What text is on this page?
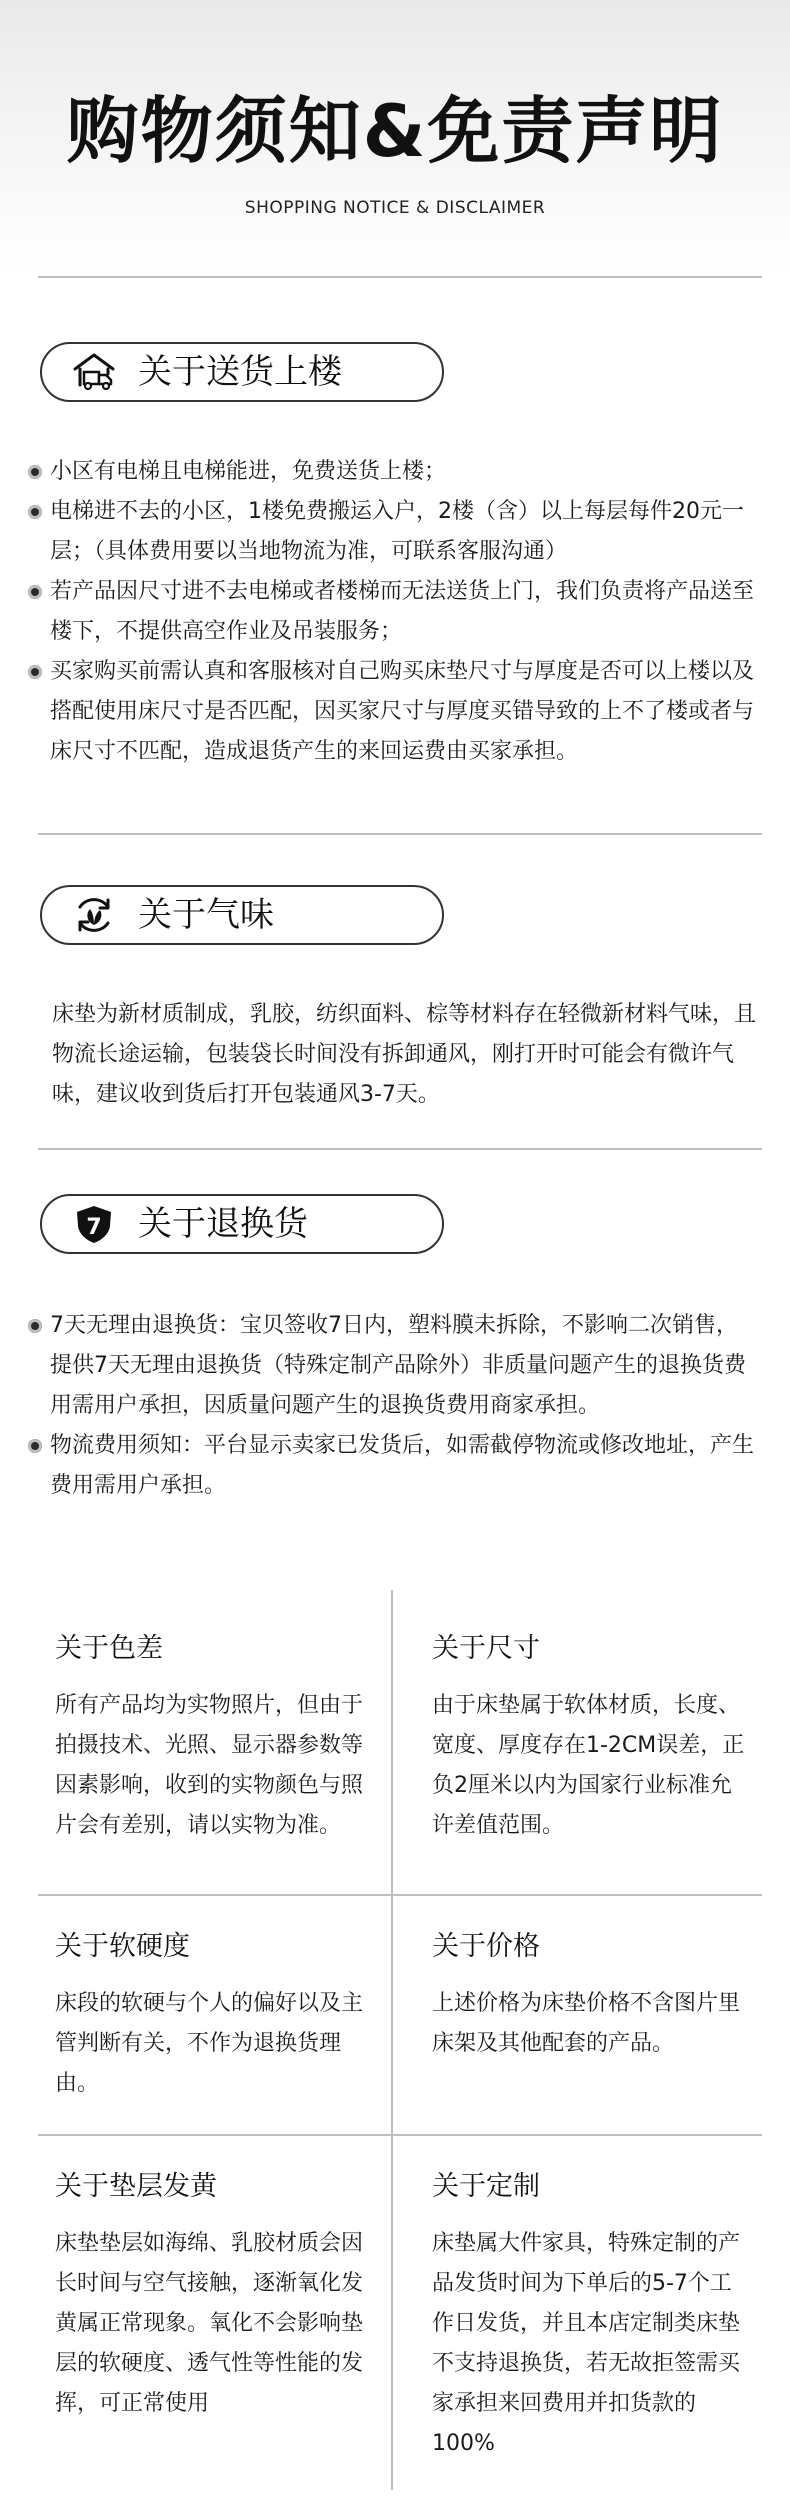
购物须知&免责声明
SHOPPING NOTICE & DISCLAIMER
关于送货上楼
小区有电梯且电梯能进，免费送货上楼；
电梯进不去的小区，1楼免费搬运入户，2楼（含）以上每层每件20元一层；（具体费用要以当地物流为准，可联系客服沟通）
若产品因尺寸进不去电梯或者楼梯而无法送货上门，我们负责将产品送至楼下，不提供高空作业及吊装服务；
买家购买前需认真和客服核对自己购买床垫尺寸与厚度是否可以上楼以及搭配使用床尺寸是否匹配，因买家尺寸与厚度买错导致的上不了楼或者与床尺寸不匹配，造成退货产生的来回运费由买家承担。
关于气味

床垫为新材质制成，乳胶，纺织面料、棕等材料存在轻微新材料气味，且物流长途运输，包装袋长时间没有拆卸通风，刚打开时可能会有微许气味，建议收到货后打开包装通风3-7天。

7 关于退换货
7天无理由退换货：宝贝签收7日内，塑料膜未拆除，不影响二次销售，提供7天无理由退换货（特殊定制产品除外）非质量问题产生的退换货费用需用户承担，因质量问题产生的退换货费用商家承担。
物流费用须知：平台显示卖家已发货后，如需截停物流或修改地址，产生费用需用户承担。

关于色差

所有产品均为实物照片，但由于拍摄技术、光照、显示器参数等因素影响，收到的实物颜色与照片会有差别，请以实物为准。

关于尺寸

由于床垫属于软体材质，长度、宽度、厚度存在1-2CM误差，正负2厘米以内为国家行业标准允许差值范围。

关于软硬度

床段的软硬与个人的偏好以及主管判断有关，不作为退换货理由。

关于价格

上述价格为床垫价格不含图片里床架及其他配套的产品。

关于垫层发黄

床垫垫层如海绵、乳胶材质会因长时间与空气接触，逐渐氧化发黄属正常现象。氧化不会影响垫层的软硬度、透气性等性能的发挥，可正常使用

关于定制

床垫属大件家具，特殊定制的产品发货时间为下单后的5-7个工作日发货，并且本店定制类床垫不支持退换货，若无故拒签需买家承担来回费用并扣货款的100%
